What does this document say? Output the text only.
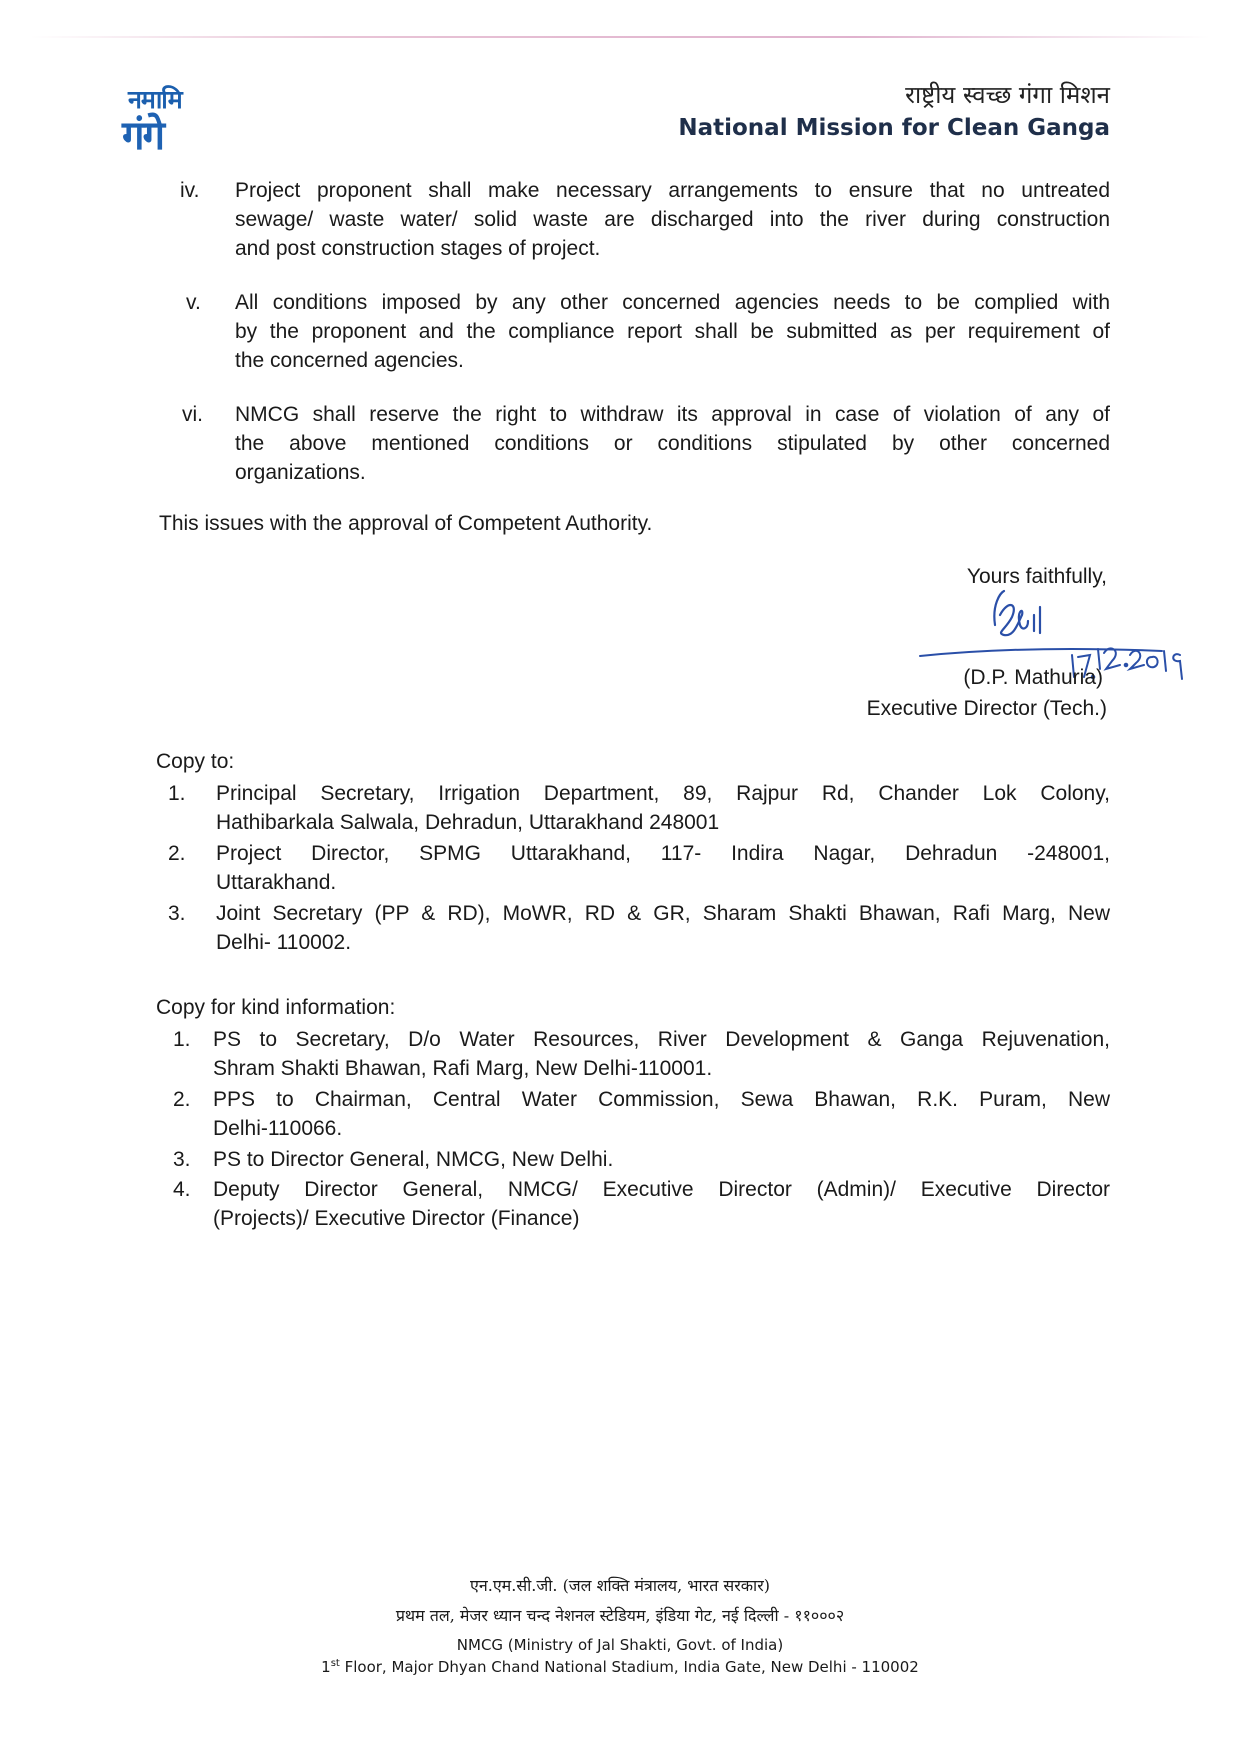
नमामि
गंगे
राष्ट्रीय स्वच्छ गंगा मिशन
National Mission for Clean Ganga
iv.	Project proponent shall make necessary arrangements to ensure that no untreated
sewage/ waste water/ solid waste are discharged into the river during construction
and post construction stages of project.
v.	All conditions imposed by any other concerned agencies needs to be complied with
by the proponent and the compliance report shall be submitted as per requirement of
the concerned agencies.
vi.	NMCG shall reserve the right to withdraw its approval in case of violation of any of
the above mentioned conditions or conditions stipulated by other concerned
organizations.
This issues with the approval of Competent Authority.
Yours faithfully,
(D.P. Mathuria)
Executive Director (Tech.)
Copy to:
1. Principal Secretary, Irrigation Department, 89, Rajpur Rd, Chander Lok Colony,
Hathibarkala Salwala, Dehradun, Uttarakhand 248001
2. Project Director, SPMG Uttarakhand, 117- Indira Nagar, Dehradun -248001,
Uttarakhand.
3. Joint Secretary (PP & RD), MoWR, RD & GR, Sharam Shakti Bhawan, Rafi Marg, New
Delhi- 110002.
Copy for kind information:
1. PS to Secretary, D/o Water Resources, River Development & Ganga Rejuvenation,
Shram Shakti Bhawan, Rafi Marg, New Delhi-110001.
2. PPS to Chairman, Central Water Commission, Sewa Bhawan, R.K. Puram, New
Delhi-110066.
3. PS to Director General, NMCG, New Delhi.
4. Deputy Director General, NMCG/ Executive Director (Admin)/ Executive Director
(Projects)/ Executive Director (Finance)
एन.एम.सी.जी. (जल शक्ति मंत्रालय, भारत सरकार)
प्रथम तल, मेजर ध्यान चन्द नेशनल स्टेडियम, इंडिया गेट, नई दिल्ली - ११०००२
NMCG (Ministry of Jal Shakti, Govt. of India)
1st Floor, Major Dhyan Chand National Stadium, India Gate, New Delhi - 110002
